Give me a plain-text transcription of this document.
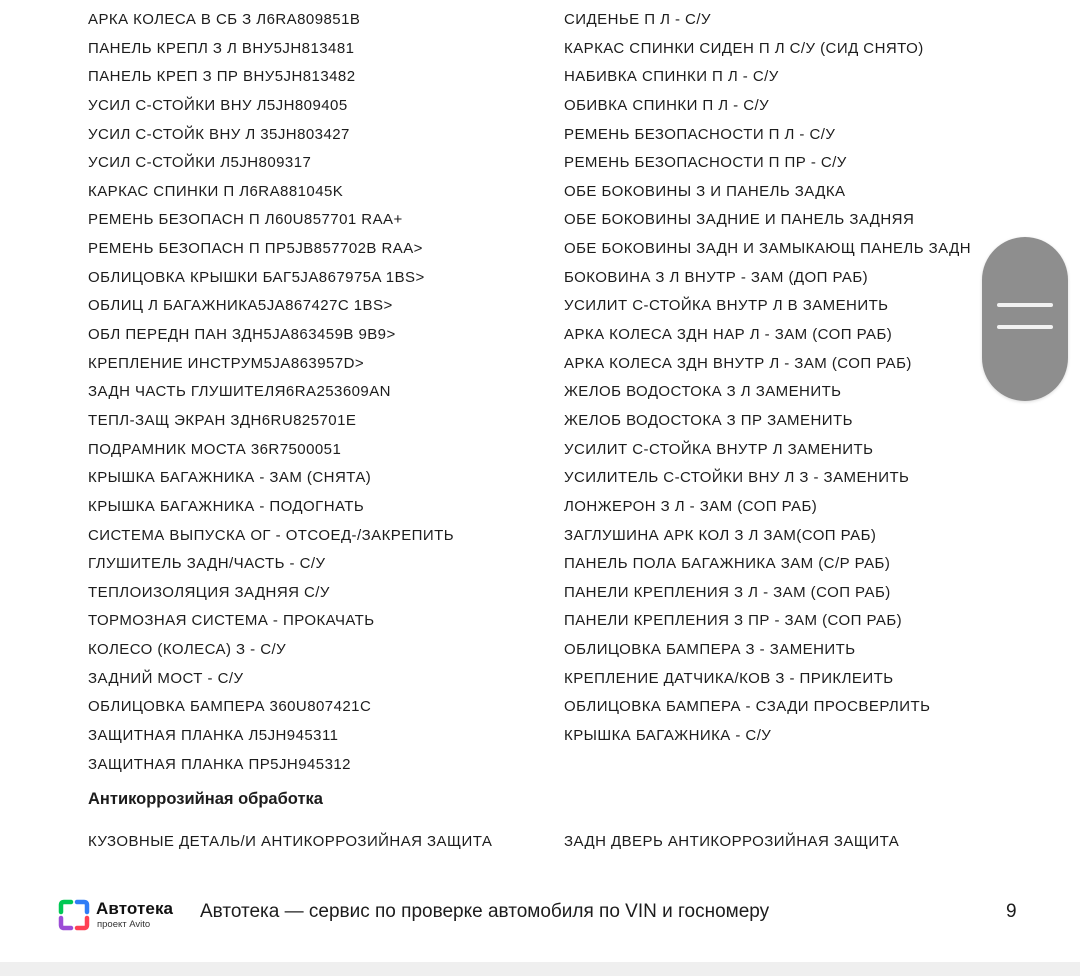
АРКА КОЛЕСА В СБ З Л6RA809851B
ПАНЕЛЬ КРЕПЛ З Л ВНУ5JH813481
ПАНЕЛЬ КРЕП З ПР ВНУ5JH813482
УСИЛ С-СТОЙКИ ВНУ Л5JH809405
УСИЛ С-СТОЙК ВНУ Л 35JH803427
УСИЛ С-СТОЙКИ Л5JH809317
КАРКАС СПИНКИ П Л6RA881045K
РЕМЕНЬ БЕЗОПАСН П Л60U857701 RAA+
РЕМЕНЬ БЕЗОПАСН П ПР5JB857702B RAA>
ОБЛИЦОВКА КРЫШКИ БАГ5JA867975A 1BS>
ОБЛИЦ Л БАГАЖНИКА5JA867427C 1BS>
ОБЛ ПЕРЕДН ПАН ЗДН5JA863459B 9B9>
КРЕПЛЕНИЕ ИНСТРУМ5JA863957D>
ЗАДН ЧАСТЬ ГЛУШИТЕЛЯ6RA253609AN
ТЕПЛ-ЗАЩ ЭКРАН ЗДН6RU825701E
ПОДРАМНИК МОСТА 36R7500051
КРЫШКА БАГАЖНИКА - ЗАМ (СНЯТА)
КРЫШКА БАГАЖНИКА - ПОДОГНАТЬ
СИСТЕМА ВЫПУСКА ОГ - ОТСОЕД-/ЗАКРЕПИТЬ
ГЛУШИТЕЛЬ ЗАДН/ЧАСТЬ - С/У
ТЕПЛОИЗОЛЯЦИЯ ЗАДНЯЯ С/У
ТОРМОЗНАЯ СИСТЕМА - ПРОКАЧАТЬ
КОЛЕСО (КОЛЕСА) З - С/У
ЗАДНИЙ МОСТ - С/У
ОБЛИЦОВКА БАМПЕРА 360U807421C
ЗАЩИТНАЯ ПЛАНКА Л5JH945311
ЗАЩИТНАЯ ПЛАНКА ПР5JH945312
СИДЕНЬЕ П Л - С/У
КАРКАС СПИНКИ СИДЕН П Л С/У (СИД СНЯТО)
НАБИВКА СПИНКИ П Л - С/У
ОБИВКА СПИНКИ П Л - С/У
РЕМЕНЬ БЕЗОПАСНОСТИ П Л - С/У
РЕМЕНЬ БЕЗОПАСНОСТИ П ПР - С/У
ОБЕ БОКОВИНЫ З И ПАНЕЛЬ ЗАДКА
ОБЕ БОКОВИНЫ ЗАДНИЕ И ПАНЕЛЬ ЗАДНЯЯ
ОБЕ БОКОВИНЫ ЗАДН И ЗАМЫКАЮЩ ПАНЕЛЬ ЗАДН
БОКОВИНА З Л ВНУТР - ЗАМ (ДОП РАБ)
УСИЛИТ С-СТОЙКА ВНУТР Л В ЗАМЕНИТЬ
АРКА КОЛЕСА ЗДН НАР Л - ЗАМ (СОП РАБ)
АРКА КОЛЕСА ЗДН ВНУТР Л - ЗАМ (СОП РАБ)
ЖЕЛОБ ВОДОСТОКА З Л ЗАМЕНИТЬ
ЖЕЛОБ ВОДОСТОКА З ПР ЗАМЕНИТЬ
УСИЛИТ С-СТОЙКА ВНУТР Л ЗАМЕНИТЬ
УСИЛИТЕЛЬ С-СТОЙКИ ВНУ Л З - ЗАМЕНИТЬ
ЛОНЖЕРОН З Л - ЗАМ (СОП РАБ)
ЗАГЛУШИНА АРК КОЛ З Л ЗАМ(СОП РАБ)
ПАНЕЛЬ ПОЛА БАГАЖНИКА ЗАМ (С/Р РАБ)
ПАНЕЛИ КРЕПЛЕНИЯ З Л - ЗАМ (СОП РАБ)
ПАНЕЛИ КРЕПЛЕНИЯ З ПР - ЗАМ (СОП РАБ)
ОБЛИЦОВКА БАМПЕРА З - ЗАМЕНИТЬ
КРЕПЛЕНИЕ ДАТЧИКА/КОВ З - ПРИКЛЕИТЬ
ОБЛИЦОВКА БАМПЕРА - СЗАДИ ПРОСВЕРЛИТЬ
КРЫШКА БАГАЖНИКА - С/У
Антикоррозийная обработка
КУЗОВНЫЕ ДЕТАЛЬ/И АНТИКОРРОЗИЙНАЯ ЗАЩИТА	ЗАДН ДВЕРЬ АНТИКОРРОЗИЙНАЯ ЗАЩИТА
Автотека
проект Avito
Автотека — сервис по проверке автомобиля по VIN и госномеру	9
